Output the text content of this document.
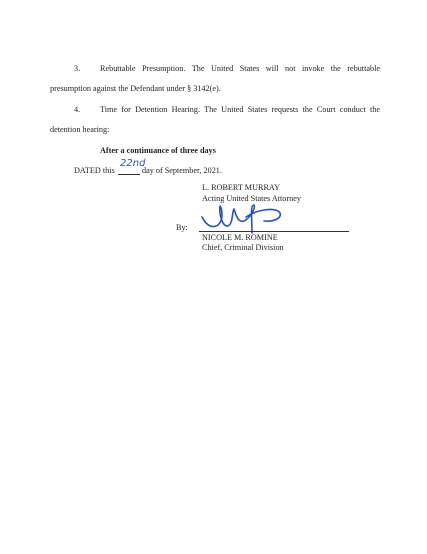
3. Rebuttable Presumption. The United States will not invoke the rebuttable
presumption against the Defendant under § 3142(e).
4. Time for Detention Hearing. The United States requests the Court conduct the
detention hearing:
After a continuance of three days
DATED this
22nd
day of September, 2021.
L. ROBERT MURRAY
Acting United States Attorney
By:
NICOLE M. ROMINE
Chief, Criminal Division
